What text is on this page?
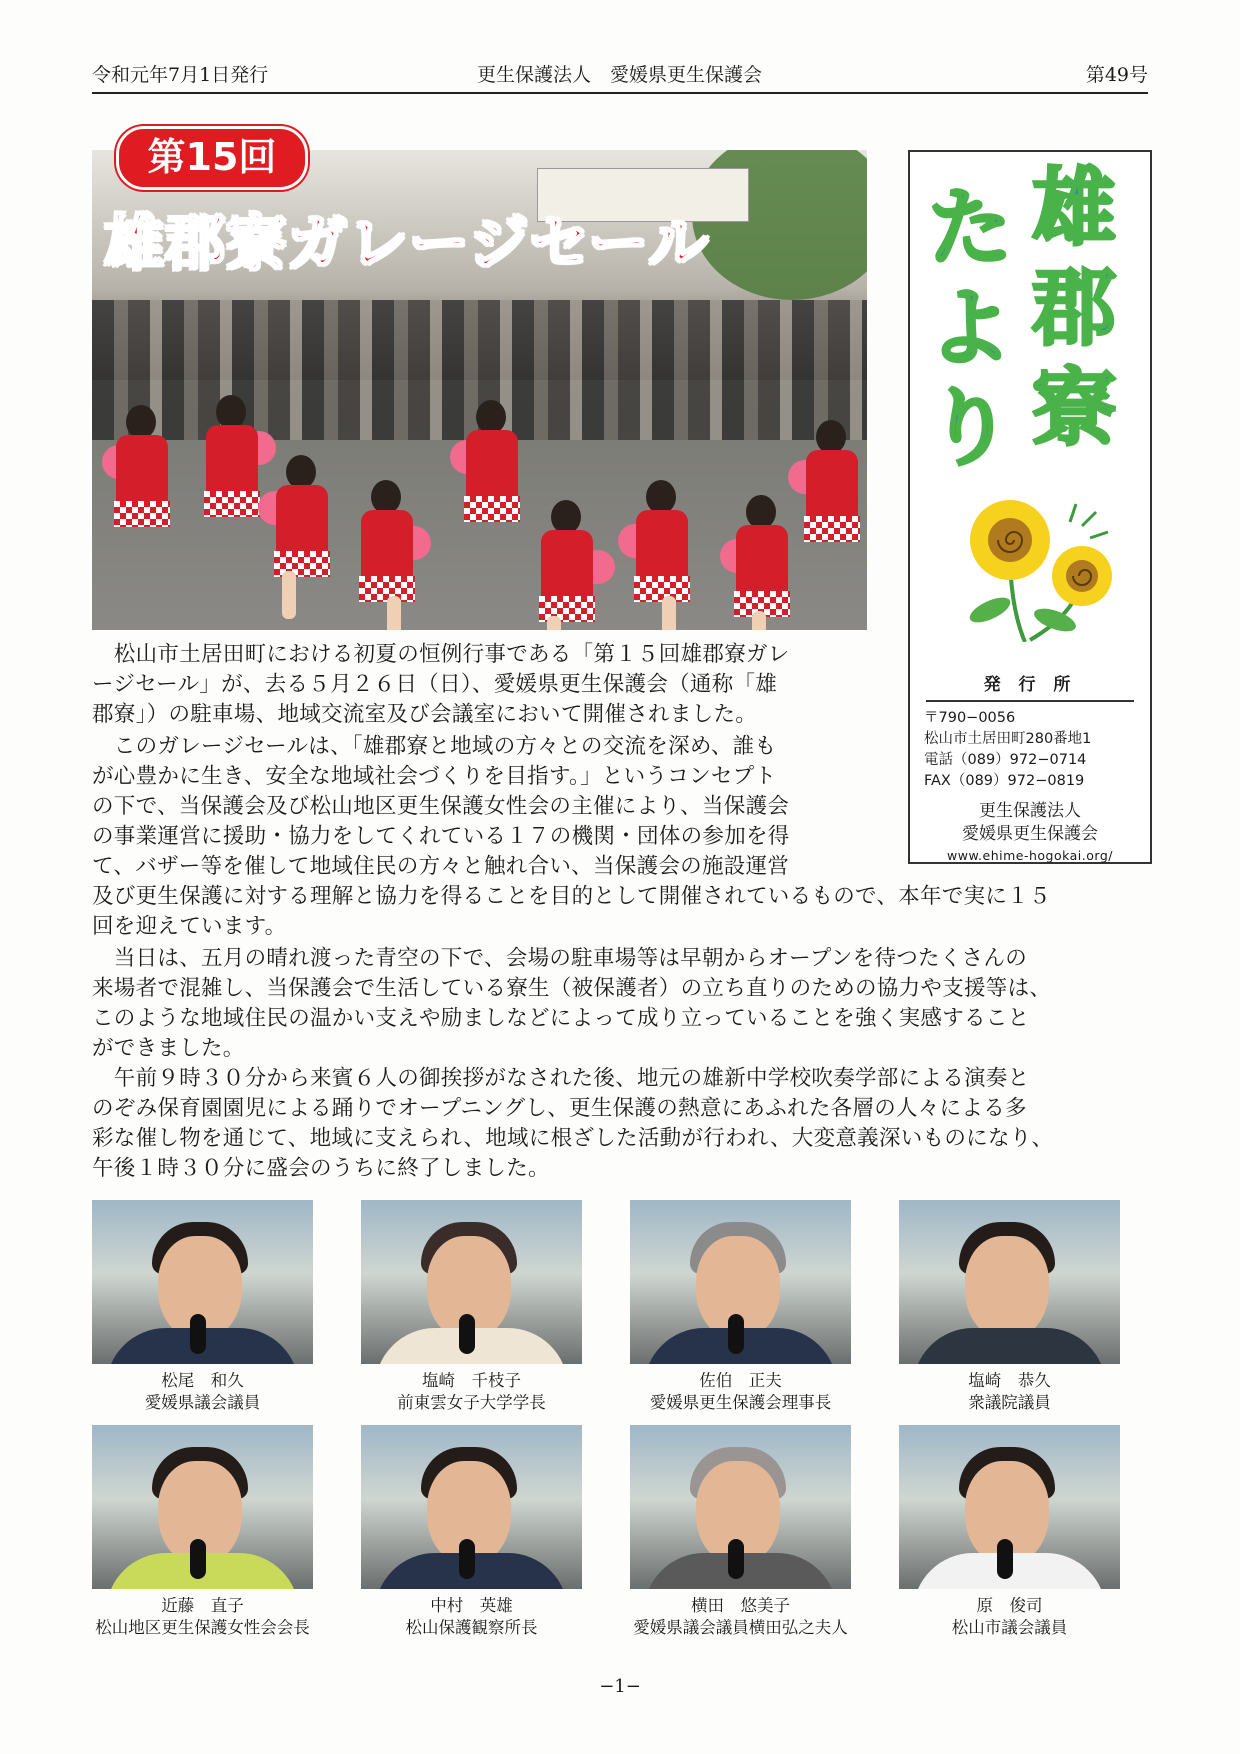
令和元年7月1日発行	更生保護法人　愛媛県更生保護会	第49号
第15回
雄郡寮ガレージセール	雄
郡
寮
た
よ
り
発 行 所
〒790−0056
松山市土居田町280番地1
電話（089）972−0714
FAX（089）972−0819
更生保護法人
愛媛県更生保護会
www.ehime-hogokai.org/

　松山市土居田町における初夏の恒例行事である「第１５回雄郡寮ガレ

ージセール」が、去る５月２６日（日）、愛媛県更生保護会（通称「雄

郡寮」）の駐車場、地域交流室及び会議室において開催されました。

　このガレージセールは、「雄郡寮と地域の方々との交流を深め、誰も

が心豊かに生き、安全な地域社会づくりを目指す。」というコンセプト

の下で、当保護会及び松山地区更生保護女性会の主催により、当保護会

の事業運営に援助・協力をしてくれている１７の機関・団体の参加を得

て、バザー等を催して地域住民の方々と触れ合い、当保護会の施設運営

及び更生保護に対する理解と協力を得ることを目的として開催されているもので、本年で実に１５

回を迎えています。

　当日は、五月の晴れ渡った青空の下で、会場の駐車場等は早朝からオープンを待つたくさんの

来場者で混雑し、当保護会で生活している寮生（被保護者）の立ち直りのための協力や支援等は、

このような地域住民の温かい支えや励ましなどによって成り立っていることを強く実感すること

ができました。

　午前９時３０分から来賓６人の御挨拶がなされた後、地元の雄新中学校吹奏学部による演奏と

のぞみ保育園園児による踊りでオープニングし、更生保護の熱意にあふれた各層の人々による多

彩な催し物を通じて、地域に支えられ、地域に根ざした活動が行われ、大変意義深いものになり、

午後１時３０分に盛会のうちに終了しました。

松尾　和久
愛媛県議会議員
塩崎　千枝子
前東雲女子大学学長
佐伯　正夫
愛媛県更生保護会理事長
塩崎　恭久
衆議院議員
近藤　直子
松山地区更生保護女性会会長
中村　英雄
松山保護観察所長
横田　悠美子
愛媛県議会議員横田弘之夫人
原　俊司
松山市議会議員
−1−
